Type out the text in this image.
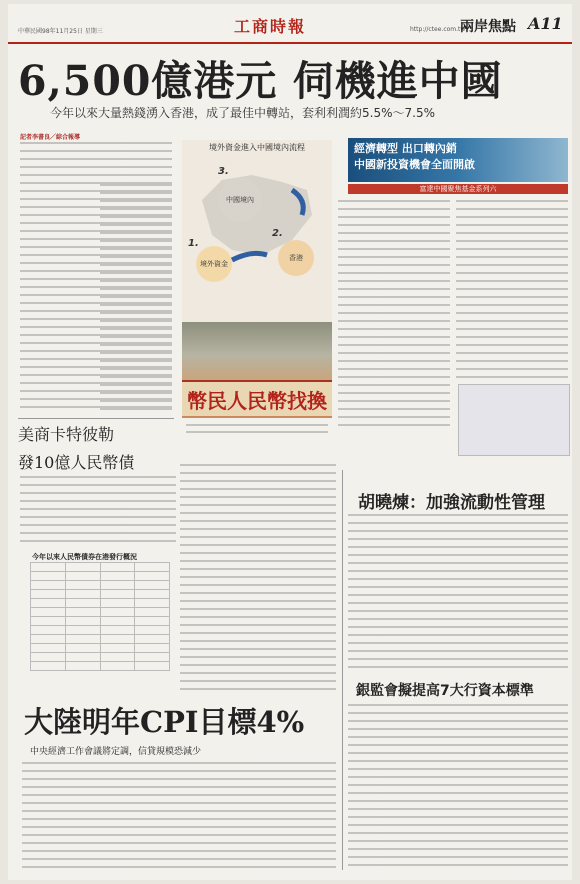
中華民國98年11月25日 星期三	工商時報	http://ctee.com.tw
兩岸焦點 A11
6,500億港元 伺機進中國
今年以來大量熱錢湧入香港，成了最佳中轉站，套利利潤約5.5%～7.5%
記者李書良／綜合報導
境外資金進入中國境內流程
3.
1.
2.
中國境內
境外資金
香港
幣民人民幣找換
經濟轉型 出口轉內銷
中國新投資機會全面開啟
富達中國聚焦基金系列六
美商卡特彼勒
發10億人民幣債
今年以來人民幣債券在港發行概況

大陸明年CPI目標4%
中央經濟工作會議將定調，信貸規模恐減少
胡曉煉：加強流動性管理
銀監會擬提高7大行資本標準
